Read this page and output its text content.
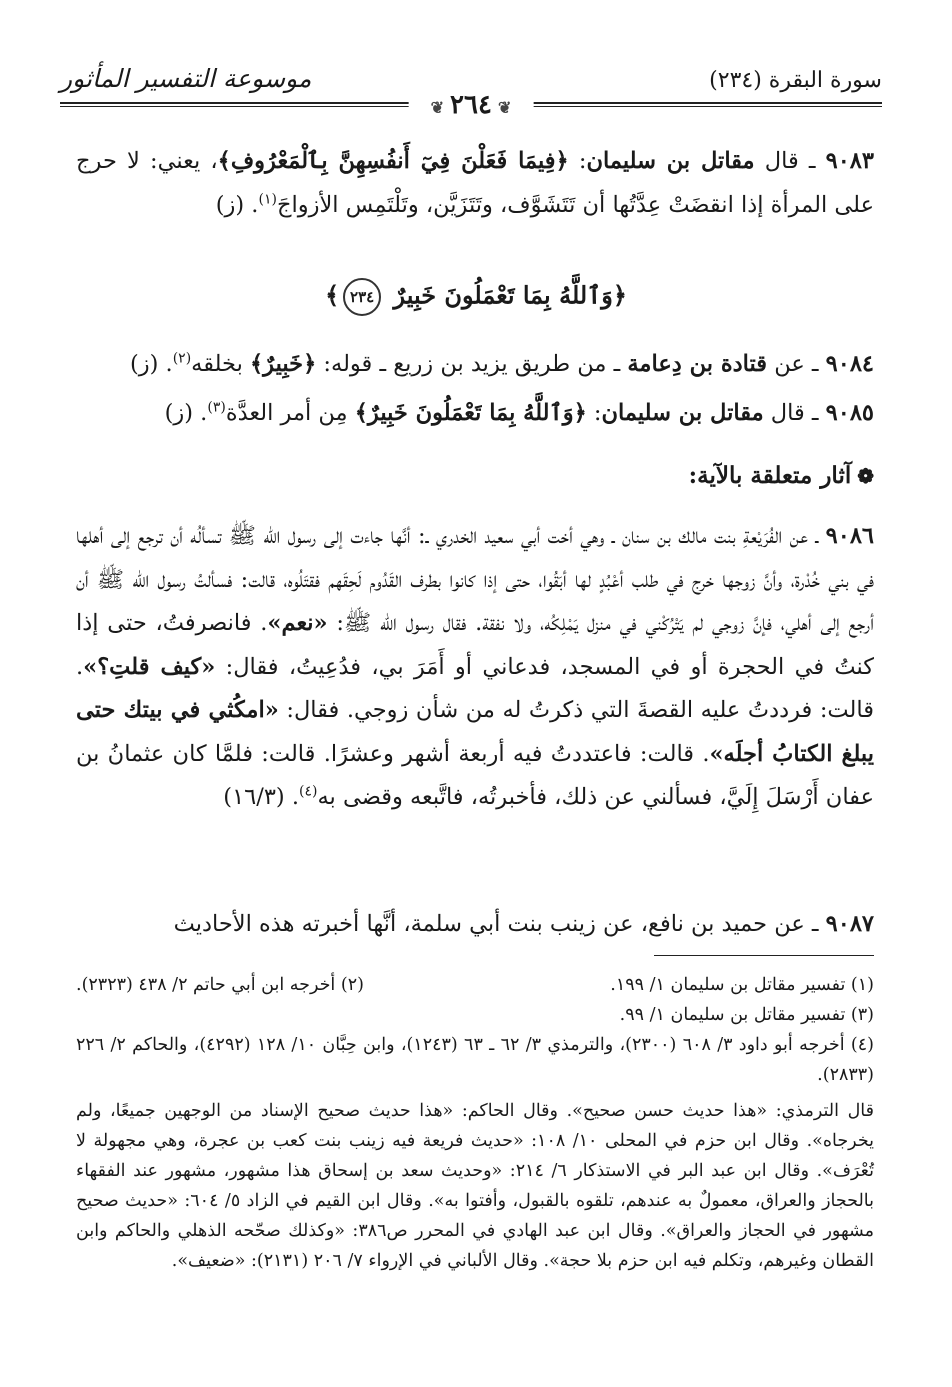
سورة البقرة (٢٣٤)
موسوعة التفسير المأثور
❦٢٦٤❦
٩٠٨٣ ـ قال مقاتل بن سليمان: ﴿فِيمَا فَعَلْنَ فِيٓ أَنفُسِهِنَّ بِٱلْمَعْرُوفِ﴾، يعني: لا حرج على المرأة إذا انقضَتْ عِدَّتُها أن تَتَشَوَّف، وتَتَزَيَّن، وتَلْتَمِس الأزواجَ$^{(١)}$. (ز)
﴿وَٱللَّهُ بِمَا تَعْمَلُونَ خَبِيرٌ ٢٣٤﴾
٩٠٨٤ ـ عن قتادة بن دِعامة ـ من طريق يزيد بن زريع ـ قوله: ﴿خَبِيرٌ﴾ بخلقه$^{(٢)}$. (ز)
٩٠٨٥ ـ قال مقاتل بن سليمان: ﴿وَٱللَّهُ بِمَا تَعْمَلُونَ خَبِيرٌ﴾ مِن أمر العدَّة$^{(٣)}$. (ز)
❁آثار متعلقة بالآية:
٩٠٨٦ ـ عن الفُرَيْعةِ بنت مالك بن سنان ـ وهي أخت أبي سعيد الخدري ـ: أنَّها جاءت إلى رسول الله ﷺ تسألُه أن ترجع إلى أهلها في بني خُدْرة، وأنَّ زوجها خرج في طلب أعْبُدٍ لها أبَقُوا، حتى إذا كانوا بطرف القَدُوم لَحِقَهم فقتَلُوه، قالت: فسألتُ رسول الله ﷺ أن أرجع إلى أهلي، فإنَّ زوجي لم يَتْرُكْني في منزل يَمْلِكُه، ولا نفقة. فقال رسول الله ﷺ: «نعم». فانصرفتُ، حتى إذا كنتُ في الحجرة أو في المسجد، فدعاني أو أَمَرَ بي، فدُعِيتُ، فقال: «كيف قلتِ؟». قالت: فرددتُ عليه القصةَ التي ذكرتُ له من شأن زوجي. فقال: «امكُثي في بيتك حتى يبلغ الكتابُ أجلَه». قالت: فاعتددتُ فيه أربعة أشهر وعشرًا. قالت: فلمَّا كان عثمانُ بن عفان أَرْسَلَ إِلَيَّ، فسألني عن ذلك، فأخبرتُه، فاتَّبعه وقضى به$^{(٤)}$. (١٦/٣)
٩٠٨٧ ـ عن حميد بن نافع، عن زينب بنت أبي سلمة، أنَّها أخبرته هذه الأحاديث
(١) تفسير مقاتل بن سليمان ١/ ١٩٩.
(٢) أخرجه ابن أبي حاتم ٢/ ٤٣٨ (٢٣٢٣).
(٣) تفسير مقاتل بن سليمان ١/ ٩٩.
(٤) أخرجه أبو داود ٣/ ٦٠٨ (٢٣٠٠)، والترمذي ٣/ ٦٢ ـ ٦٣ (١٢٤٣)، وابن حِبَّان ١٠/ ١٢٨ (٤٢٩٢)، والحاكم ٢/ ٢٢٦ (٢٨٣٣).
قال الترمذي: «هذا حديث حسن صحيح». وقال الحاكم: «هذا حديث صحيح الإسناد من الوجهين جميعًا، ولم يخرجاه». وقال ابن حزم في المحلى ١٠/ ١٠٨: «حديث فريعة فيه زينب بنت كعب بن عجرة، وهي مجهولة لا تُعْرَف». وقال ابن عبد البر في الاستذكار ٦/ ٢١٤: «وحديث سعد بن إسحاق هذا مشهور، مشهور عند الفقهاء بالحجاز والعراق، معمولٌ به عندهم، تلقوه بالقبول، وأفتوا به». وقال ابن القيم في الزاد ٥/ ٦٠٤: «حديث صحيح مشهور في الحجاز والعراق». وقال ابن عبد الهادي في المحرر ص٣٨٦: «وكذلك صحّحه الذهلي والحاكم وابن القطان وغيرهم، وتكلم فيه ابن حزم بلا حجة». وقال الألباني في الإرواء ٧/ ٢٠٦ (٢١٣١): «ضعيف».
